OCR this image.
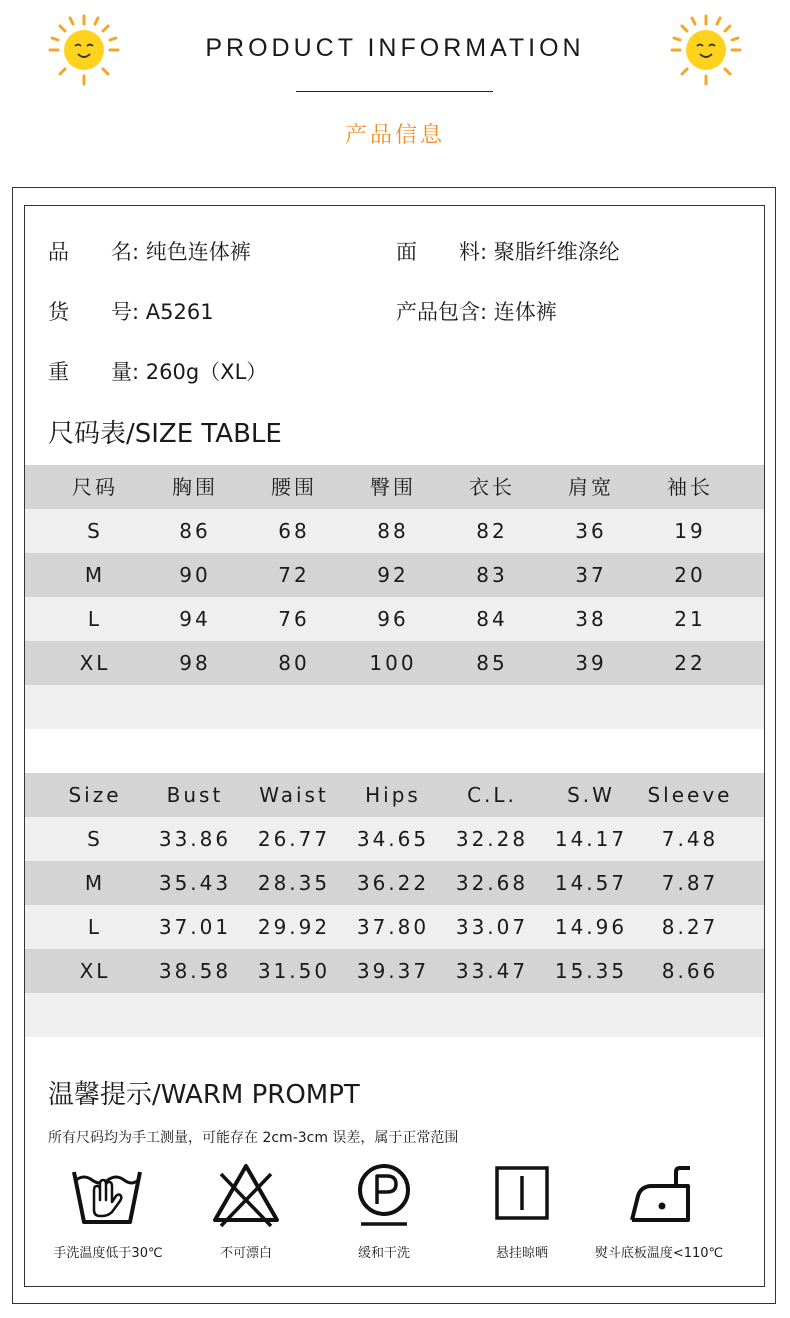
PRODUCT INFORMATION
产品信息
品　　名: 纯色连体裤	面　　料: 聚脂纤维涤纶
货　　号: A5261	产品包含: 连体裤
重　　量: 260g（XL）
尺码表/SIZE TABLE
尺码	胸围	腰围	臀围	衣长	肩宽	袖长
S	86	68	88	82	36	19
M	90	72	92	83	37	20
L	94	76	96	84	38	21
XL	98	80	100	85	39	22
Size	Bust	Waist	Hips	C.L.	S.W	Sleeve
S	33.86	26.77	34.65	32.28	14.17	7.48
M	35.43	28.35	36.22	32.68	14.57	7.87
L	37.01	29.92	37.80	33.07	14.96	8.27
XL	38.58	31.50	39.37	33.47	15.35	8.66
温馨提示/WARM PROMPT
所有尺码均为手工测量，可能存在 2cm-3cm 误差，属于正常范围
手洗温度低于30℃	不可漂白	缓和干洗	悬挂晾晒	熨斗底板温度<110℃
